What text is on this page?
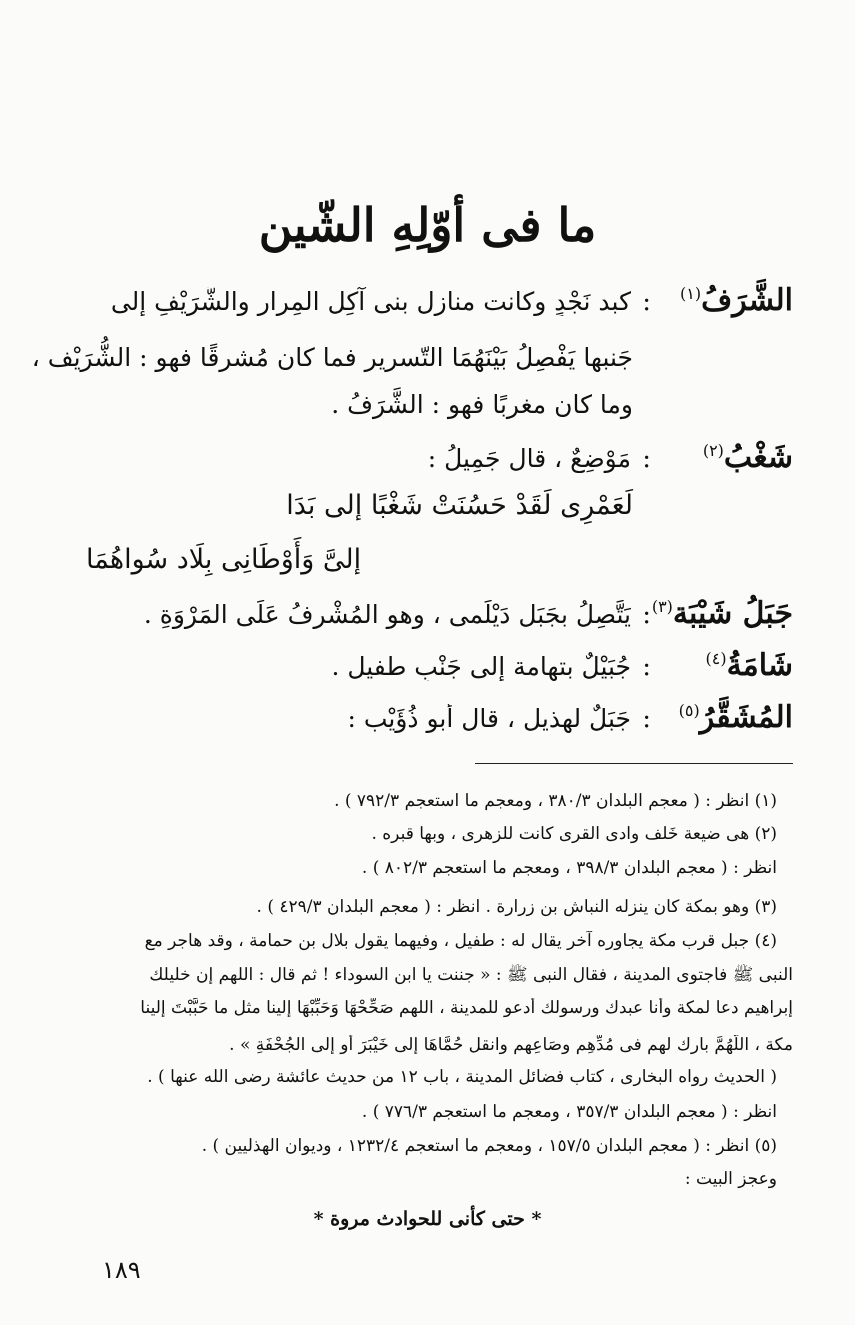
ما فى أوّلِهِ الشّين
الشَّرَفُ$^{(١)}$
:
كبد نَجْدٍ وكانت منازل بنى آكِلِ المِرارِ والشُّرَيْفِ إلى
جَنبها يَفْصِلُ بَيْنَهُمَا التّسرير فما كان مُشرقًا فهو : الشُّرَيْف ،
وما كان مغربًا فهو : الشَّرَفُ .
شَغْبُ$^{(٢)}$
:
مَوْضِعٌ ، قال جَمِيلُ :
لَعَمْرِى لَقَدْ حَسُنَتْ شَغْبًا إلى بَدَا
إلىَّ وَأَوْطَانِى بِلَاد سُواهُمَا
جَبَلُ شَيْبَة$^{(٣)}$
:
يَتَّصِلُ بجَبَلِ دَيْلَمى ، وهو المُشْرِفُ عَلَى المَرْوَةِ .
شَامَةُ$^{(٤)}$
:
جُبَيْلٌ بتهامة إلى جَنْبِ طفيل .
المُشَقَّرُ$^{(٥)}$
:
جَبَلٌ لهذيل ، قال أبو ذُؤَيْب :
(١) انظر : ( معجم البلدان ٣٨٠/٣ ، ومعجم ما استعجم ٧٩٢/٣ ) .
(٢) هى ضيعة خَلف وادى القرى كانت للزهرى ، وبها قبره .
انظر : ( معجم البلدان ٣٩٨/٣ ، ومعجم ما استعجم ٨٠٢/٣ ) .
(٣) وهو بمكة كان ينزله النباش بن زرارة . انظر : ( معجم البلدان ٤٢٩/٣ ) .
(٤) جبل قرب مكة يجاوره آخر يقال له : طفيل ، وفيهما يقول بلال بن حمامة ، وقد هاجر مع
النبى ﷺ فاجتوى المدينة ، فقال النبى ﷺ : « جننت يا ابن السوداء ! ثم قال : اللهم إن خليلك
إبراهيم دعا لمكة وأنا عبدك ورسولك أدعو للمدينة ، اللهم صَحِّحْهَا وَحَبِّبْهَا إلينا مثل ما حَبَّبْتَ إلينا
مكة ، اللَّهُمَّ بارك لهم فى مُدِّهِم وصَاعِهِم وانقل حُمَّاهَا إلى خَيْبَرَ أو إلى الجُحْفَةِ » .
( الحديث رواه البخارى ، كتاب فضائل المدينة ، باب ١٢ من حديث عائشة رضى الله عنها ) .
انظر : ( معجم البلدان ٣٥٧/٣ ، ومعجم ما استعجم ٧٧٦/٣ ) .
(٥) انظر : ( معجم البلدان ١٥٧/٥ ، ومعجم ما استعجم ١٢٣٢/٤ ، وديوان الهذليين ) .
وعجز البيت :
* حتى كأنى للحوادث مروة *
١٨٩
